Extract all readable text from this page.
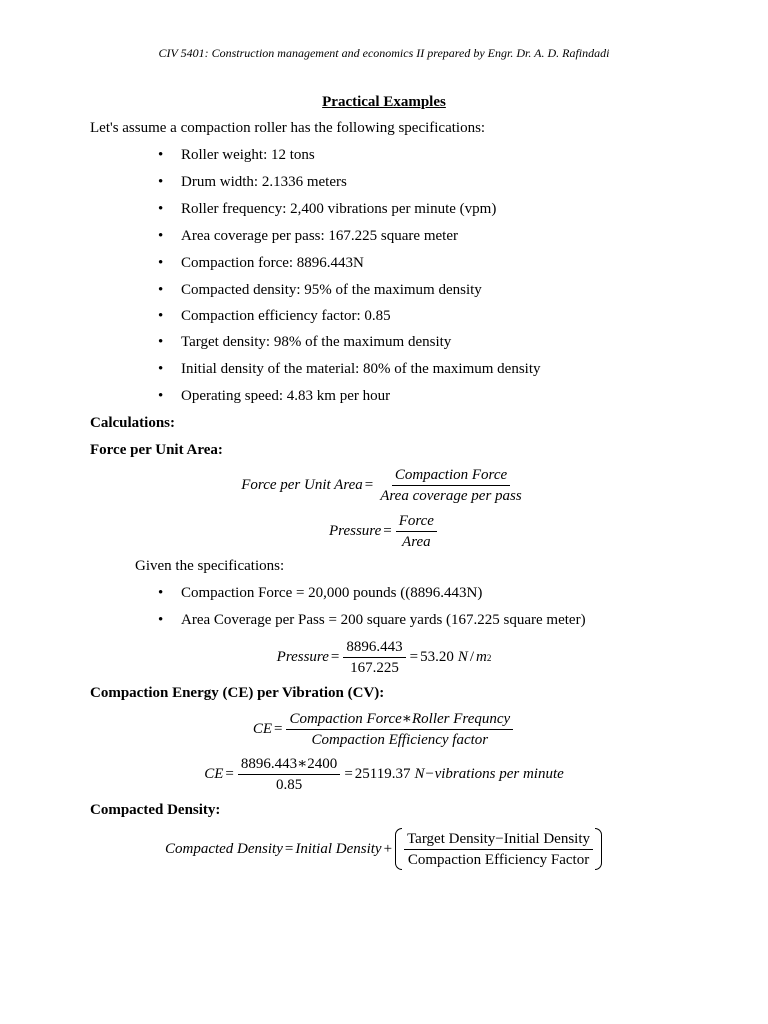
CIV 5401: Construction management and economics II prepared by Engr. Dr. A. D. Rafindadi
Practical Examples
Let's assume a compaction roller has the following specifications:
• Roller weight: 12 tons
• Drum width: 2.1336 meters
• Roller frequency: 2,400 vibrations per minute (vpm)
• Area coverage per pass: 167.225 square meter
• Compaction force: 8896.443N
• Compacted density: 95% of the maximum density
• Compaction efficiency factor: 0.85
• Target density: 98% of the maximum density
• Initial density of the material: 80% of the maximum density
• Operating speed: 4.83 km per hour
Calculations:
Force per Unit Area:
Force per Unit Area = $\frac{\text{Compaction Force}}{\text{Area coverage per pass}}$
Pressure = $\frac{\text{Force}}{\text{Area}}$
Given the specifications:
• Compaction Force = 20,000 pounds ((8896.443N)
• Area Coverage per Pass = 200 square yards (167.225 square meter)
Pressure = $\frac{8896.443}{167.225} = 53.20$ N / m 2
Compaction Energy (CE) per Vibration (CV):
CE = $\frac{\text{Compaction Force∗Roller Frequncy}}{\text{Compaction Efficiency factor}}$
CE = $\frac{8896.443∗2400}{0.85} = 25119.37$ N−vibrations per minute
Compacted Density:
Compacted Density = Initial Density + $\frac{\text{Target Density−Initial Density}}{\text{Compaction Efficiency Factor}}$
